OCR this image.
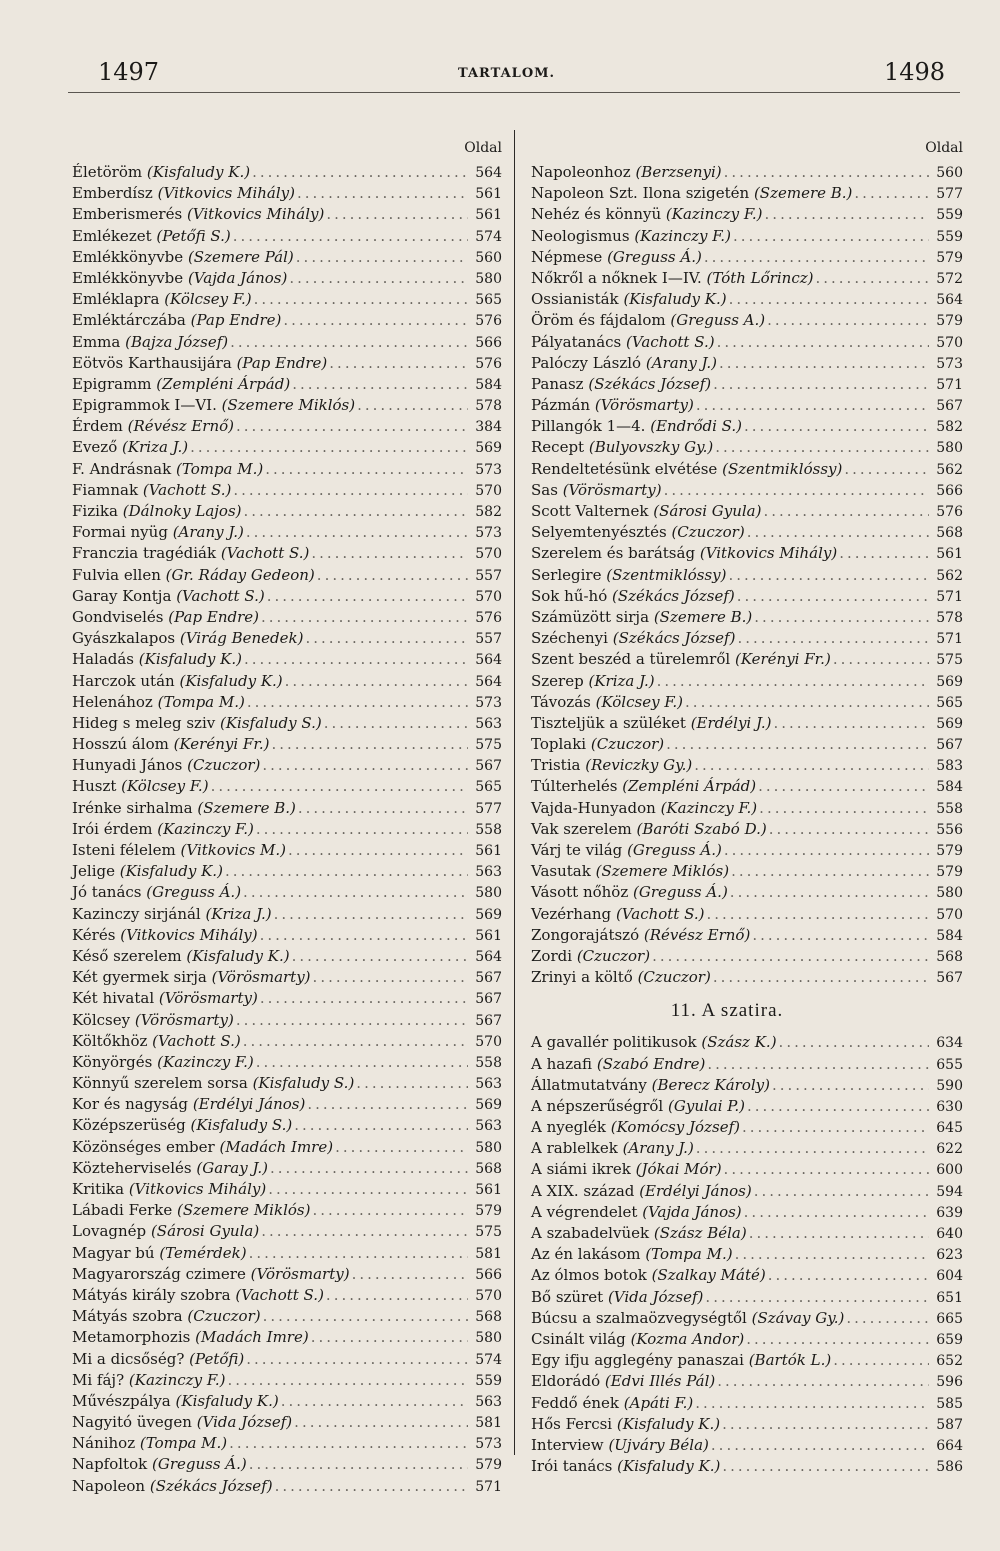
1497	TARTALOM.	1498
Oldal
Életöröm (Kisfaludy K.) .....	564
Emberdísz (Vitkovics Mihály) .....	561
Emberismerés (Vitkovics Mihály) .....	561
Emlékezet (Petőfi S.) .....	574
Emlékkönyvbe (Szemere Pál) .....	560
Emlékkönyvbe (Vajda János) .....	580
Emléklapra (Kölcsey F.) .....	565
Emléktárczába (Pap Endre) .....	576
Emma (Bajza József) .....	566
Eötvös Karthausijára (Pap Endre) .....	576
Epigramm (Zempléni Árpád) .....	584
Epigrammok I—VI. (Szemere Miklós) .....	578
Érdem (Révész Ernő) .....	384
Evező (Kriza J.) .....	569
F. Andrásnak (Tompa M.) .....	573
Fiamnak (Vachott S.) .....	570
Fizika (Dálnoky Lajos) .....	582
Formai nyüg (Arany J.) .....	573
Franczia tragédiák (Vachott S.) .....	570
Fulvia ellen (Gr. Ráday Gedeon) .....	557
Garay Kontja (Vachott S.) .....	570
Gondviselés (Pap Endre) .....	576
Gyászkalapos (Virág Benedek) .....	557
Haladás (Kisfaludy K.) .....	564
Harczok után (Kisfaludy K.) .....	564
Helenához (Tompa M.) .....	573
Hideg s meleg sziv (Kisfaludy S.) .....	563
Hosszú álom (Kerényi Fr.) .....	575
Hunyadi János (Czuczor) .....	567
Huszt (Kölcsey F.) .....	565
Irénke sirhalma (Szemere B.) .....	577
Irói érdem (Kazinczy F.) .....	558
Isteni félelem (Vitkovics M.) .....	561
Jelige (Kisfaludy K.) .....	563
Jó tanács (Greguss Á.) .....	580
Kazinczy sirjánál (Kriza J.) .....	569
Kérés (Vitkovics Mihály) .....	561
Késő szerelem (Kisfaludy K.) .....	564
Két gyermek sirja (Vörösmarty) .....	567
Két hivatal (Vörösmarty) .....	567
Kölcsey (Vörösmarty) .....	567
Költőkhöz (Vachott S.) .....	570
Könyörgés (Kazinczy F.) .....	558
Könnyű szerelem sorsa (Kisfaludy S.) .....	563
Kor és nagyság (Erdélyi János) .....	569
Középszerüség (Kisfaludy S.) .....	563
Közönséges ember (Madách Imre) .....	580
Közteherviselés (Garay J.) .....	568
Kritika (Vitkovics Mihály) .....	561
Lábadi Ferke (Szemere Miklós) .....	579
Lovagnép (Sárosi Gyula) .....	575
Magyar bú (Temérdek) .....	581
Magyarország czimere (Vörösmarty) .....	566
Mátyás király szobra (Vachott S.) .....	570
Mátyás szobra (Czuczor) .....	568
Metamorphozis (Madách Imre) .....	580
Mi a dicsőség? (Petőfi) .....	574
Mi fáj? (Kazinczy F.) .....	559
Művészpálya (Kisfaludy K.) .....	563
Nagyitó üvegen (Vida József) .....	581
Nánihoz (Tompa M.) .....	573
Napfoltok (Greguss Á.) .....	579
Napoleon (Székács József) .....	571
Oldal
Napoleonhoz (Berzsenyi) .....	560
Napoleon Szt. Ilona szigetén (Szemere B.) .....	577
Nehéz és könnyü (Kazinczy F.) .....	559
Neologismus (Kazinczy F.) .....	559
Népmese (Greguss Á.) .....	579
Nőkről a nőknek I—IV. (Tóth Lőrincz) .....	572
Ossianisták (Kisfaludy K.) .....	564
Öröm és fájdalom (Greguss A.) .....	579
Pályatanács (Vachott S.) .....	570
Palóczy László (Arany J.) .....	573
Panasz (Székács József) .....	571
Pázmán (Vörösmarty) .....	567
Pillangók 1—4. (Endrődi S.) .....	582
Recept (Bulyovszky Gy.) .....	580
Rendeltetésünk elvétése (Szentmiklóssy) .....	562
Sas (Vörösmarty) .....	566
Scott Valternek (Sárosi Gyula) .....	576
Selyemtenyésztés (Czuczor) .....	568
Szerelem és barátság (Vitkovics Mihály) .....	561
Serlegire (Szentmiklóssy) .....	562
Sok hű-hó (Székács József) .....	571
Számüzött sirja (Szemere B.) .....	578
Széchenyi (Székács József) .....	571
Szent beszéd a türelemről (Kerényi Fr.) .....	575
Szerep (Kriza J.) .....	569
Távozás (Kölcsey F.) .....	565
Tiszteljük a szüléket (Erdélyi J.) .....	569
Toplaki (Czuczor) .....	567
Tristia (Reviczky Gy.) .....	583
Túlterhelés (Zempléni Árpád) .....	584
Vajda-Hunyadon (Kazinczy F.) .....	558
Vak szerelem (Baróti Szabó D.) .....	556
Várj te világ (Greguss Á.) .....	579
Vasutak (Szemere Miklós) .....	579
Vásott nőhöz (Greguss Á.) .....	580
Vezérhang (Vachott S.) .....	570
Zongorajátszó (Révész Ernő) .....	584
Zordi (Czuczor) .....	568
Zrinyi a költő (Czuczor) .....	567
11. A szatira.
A gavallér politikusok (Szász K.) .....	634
A hazafi (Szabó Endre) .....	655
Állatmutatvány (Berecz Károly) .....	590
A népszerűségről (Gyulai P.) .....	630
A nyeglék (Komócsy József) .....	645
A rablelkek (Arany J.) .....	622
A siámi ikrek (Jókai Mór) .....	600
A XIX. század (Erdélyi János) .....	594
A végrendelet (Vajda János) .....	639
A szabadelvüek (Szász Béla) .....	640
Az én lakásom (Tompa M.) .....	623
Az ólmos botok (Szalkay Máté) .....	604
Bő szüret (Vida József) .....	651
Búcsu a szalmaözvegységtől (Szávay Gy.) .....	665
Csinált világ (Kozma Andor) .....	659
Egy ifju agglegény panaszai (Bartók L.) .....	652
Eldorádó (Edvi Illés Pál) .....	596
Feddő ének (Apáti F.) .....	585
Hős Fercsi (Kisfaludy K.) .....	587
Interview (Ujváry Béla) .....	664
Irói tanács (Kisfaludy K.) .....	586
